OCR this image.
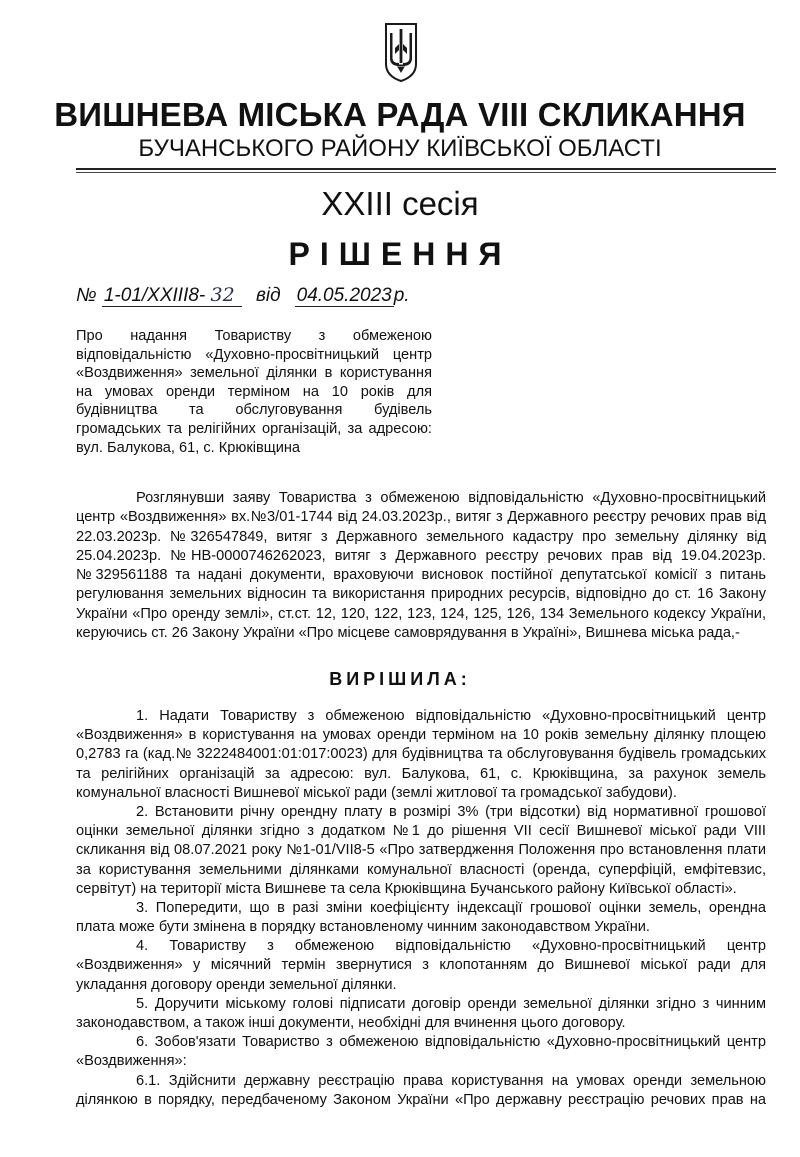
ВИШНЕВА МІСЬКА РАДА VIII СКЛИКАННЯ
БУЧАНСЬКОГО РАЙОНУ КИЇВСЬКОЇ ОБЛАСТІ
XXIII сесія
РІШЕННЯ
№ 1-01/XXIII8- 32 від 04.05.2023 р.
Про надання Товариству з обмеженою
відповідальністю «Духовно-просвітницький центр
«Воздвиження» земельної ділянки в користування
на умовах оренди терміном на 10 років для
будівництва та обслуговування будівель
громадських та релігійних організацій, за адресою:
вул. Балукова, 61, с. Крюківщина
Розглянувши заяву Товариства з обмеженою відповідальністю «Духовно-просвітницький
центр «Воздвиження» вх.№3/01-1744 від 24.03.2023р., витяг з Державного реєстру речових прав від
22.03.2023р. №326547849, витяг з Державного земельного кадастру про земельну ділянку від
25.04.2023р. №НВ-0000746262023, витяг з Державного реєстру речових прав від 19.04.2023р.
№329561188 та надані документи, враховуючи висновок постійної депутатської комісії з питань
регулювання земельних відносин та використання природних ресурсів, відповідно до ст. 16 Закону
України «Про оренду землі», ст.ст. 12, 120, 122, 123, 124, 125, 126, 134 Земельного кодексу України,
керуючись ст. 26 Закону України «Про місцеве самоврядування в Україні», Вишнева міська рада,-
ВИРІШИЛА:
1. Надати Товариству з обмеженою відповідальністю «Духовно-просвітницький центр
«Воздвиження» в користування на умовах оренди терміном на 10 років земельну ділянку площею
0,2783 га (кад.№ 3222484001:01:017:0023) для будівництва та обслуговування будівель громадських
та релігійних організацій за адресою: вул. Балукова, 61, с. Крюківщина, за рахунок земель
комунальної власності Вишневої міської ради (землі житлової та громадської забудови).
2. Встановити річну орендну плату в розмірі 3% (три відсотки) від нормативної грошової
оцінки земельної ділянки згідно з додатком №1 до рішення VII сесії Вишневої міської ради VIII
скликання від 08.07.2021 року №1-01/VII8-5 «Про затвердження Положення про встановлення плати
за користування земельними ділянками комунальної власності (оренда, суперфіцій, емфітевзис,
сервітут) на території міста Вишневе та села Крюківщина Бучанського району Київської області».
3. Попередити, що в разі зміни коефіцієнту індексації грошової оцінки земель, орендна
плата може бути змінена в порядку встановленому чинним законодавством України.
4. Товариству з обмеженою відповідальністю «Духовно-просвітницький центр
«Воздвиження» у місячний термін звернутися з клопотанням до Вишневої міської ради для
укладання договору оренди земельної ділянки.
5. Доручити міському голові підписати договір оренди земельної ділянки згідно з чинним
законодавством, а також інші документи, необхідні для вчинення цього договору.
6. Зобов'язати Товариство з обмеженою відповідальністю «Духовно-просвітницький центр
«Воздвиження»:
6.1. Здійснити державну реєстрацію права користування на умовах оренди земельною
ділянкою в порядку, передбаченому Законом України «Про державну реєстрацію речових прав на
